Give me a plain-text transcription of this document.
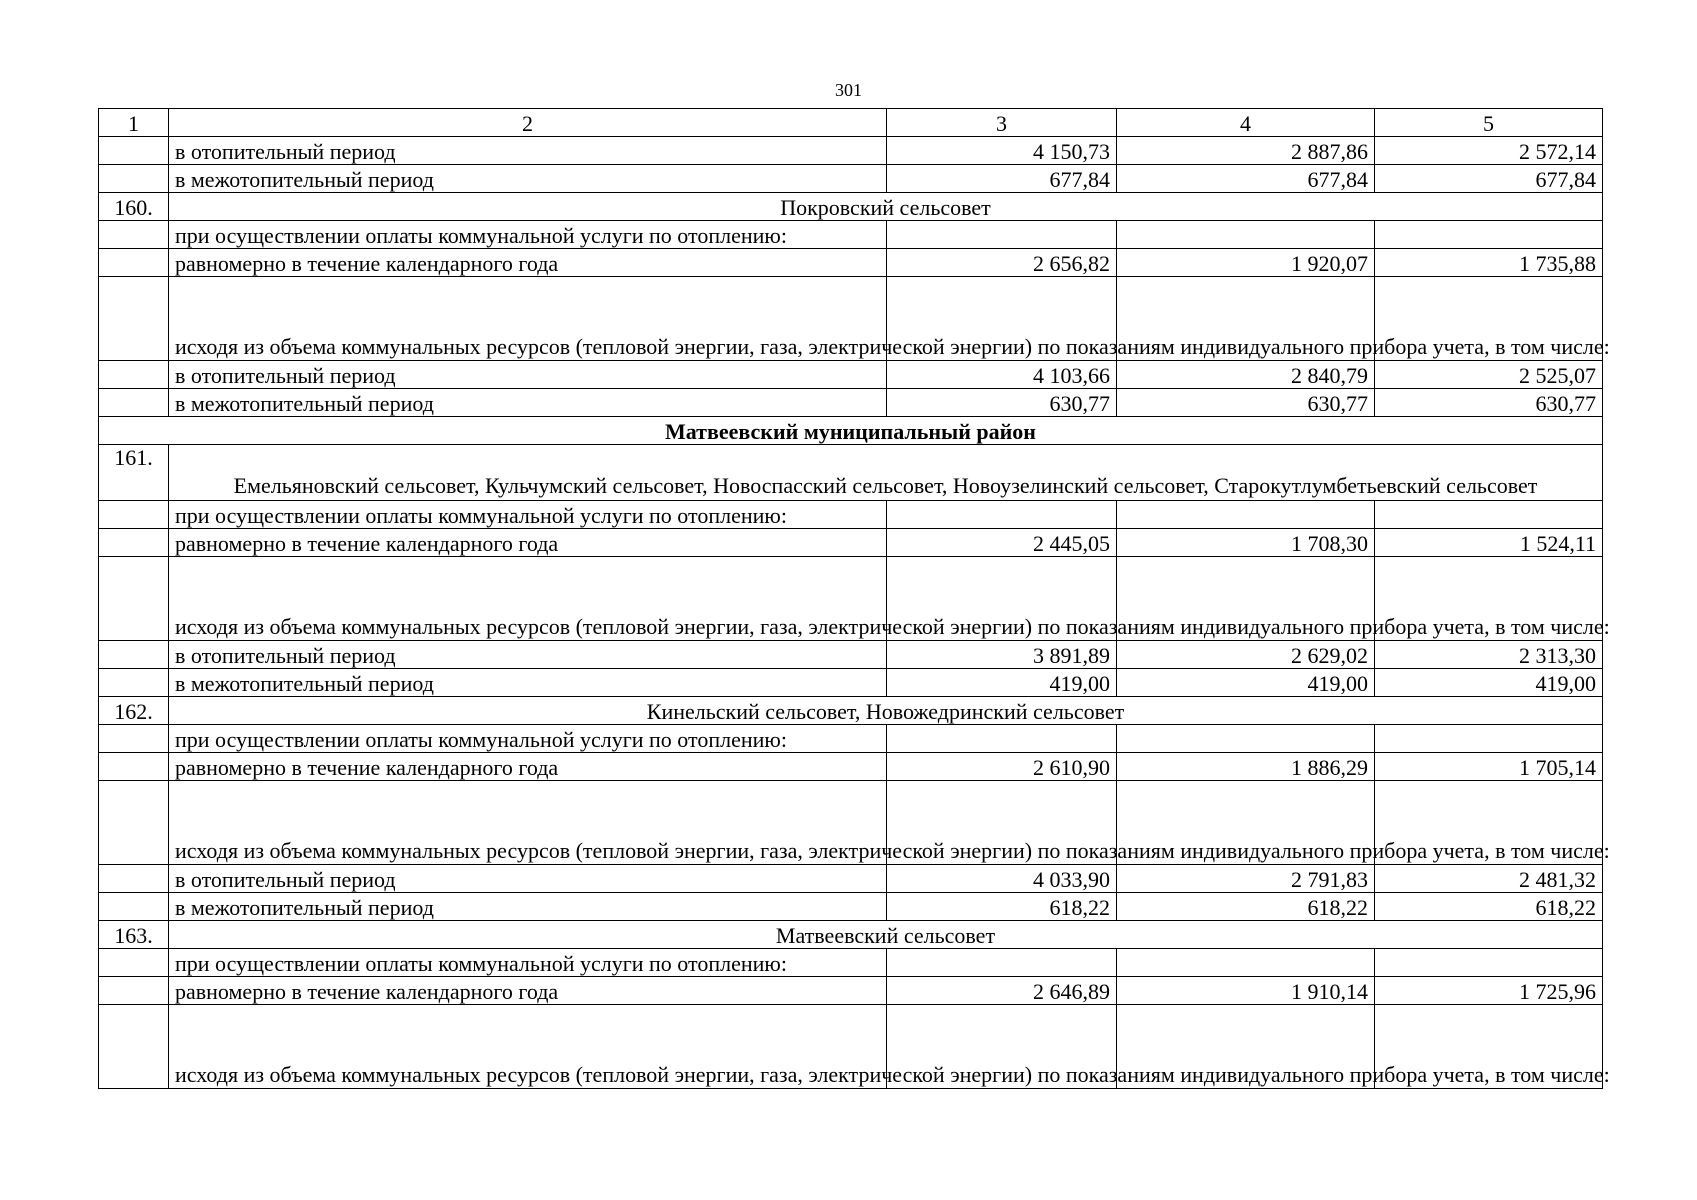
301
1	2	3	4	5
	в отопительный период	4 150,73	2 887,86	2 572,14
	в межотопительный период	677,84	677,84	677,84
160.	Покровский сельсовет			
	при осуществлении оплаты коммунальной услуги по отоплению:			
	равномерно в течение календарного года	2 656,82	1 920,07	1 735,88
	исходя из объема коммунальных ресурсов (тепловой энергии, газа, электрической энергии) по показаниям индивидуального прибора учета, в том числе:			
	в отопительный период	4 103,66	2 840,79	2 525,07
	в межотопительный период	630,77	630,77	630,77
Матвеевский муниципальный район				
161.	Емельяновский сельсовет, Кульчумский сельсовет, Новоспасский сельсовет, Новоузелинский сельсовет, Старокутлумбетьевский сельсовет			
	при осуществлении оплаты коммунальной услуги по отоплению:			
	равномерно в течение календарного года	2 445,05	1 708,30	1 524,11
	исходя из объема коммунальных ресурсов (тепловой энергии, газа, электрической энергии) по показаниям индивидуального прибора учета, в том числе:			
	в отопительный период	3 891,89	2 629,02	2 313,30
	в межотопительный период	419,00	419,00	419,00
162.	Кинельский сельсовет, Новожедринский сельсовет			
	при осуществлении оплаты коммунальной услуги по отоплению:			
	равномерно в течение календарного года	2 610,90	1 886,29	1 705,14
	исходя из объема коммунальных ресурсов (тепловой энергии, газа, электрической энергии) по показаниям индивидуального прибора учета, в том числе:			
	в отопительный период	4 033,90	2 791,83	2 481,32
	в межотопительный период	618,22	618,22	618,22
163.	Матвеевский сельсовет			
	при осуществлении оплаты коммунальной услуги по отоплению:			
	равномерно в течение календарного года	2 646,89	1 910,14	1 725,96
	исходя из объема коммунальных ресурсов (тепловой энергии, газа, электрической энергии) по показаниям индивидуального прибора учета, в том числе:			
